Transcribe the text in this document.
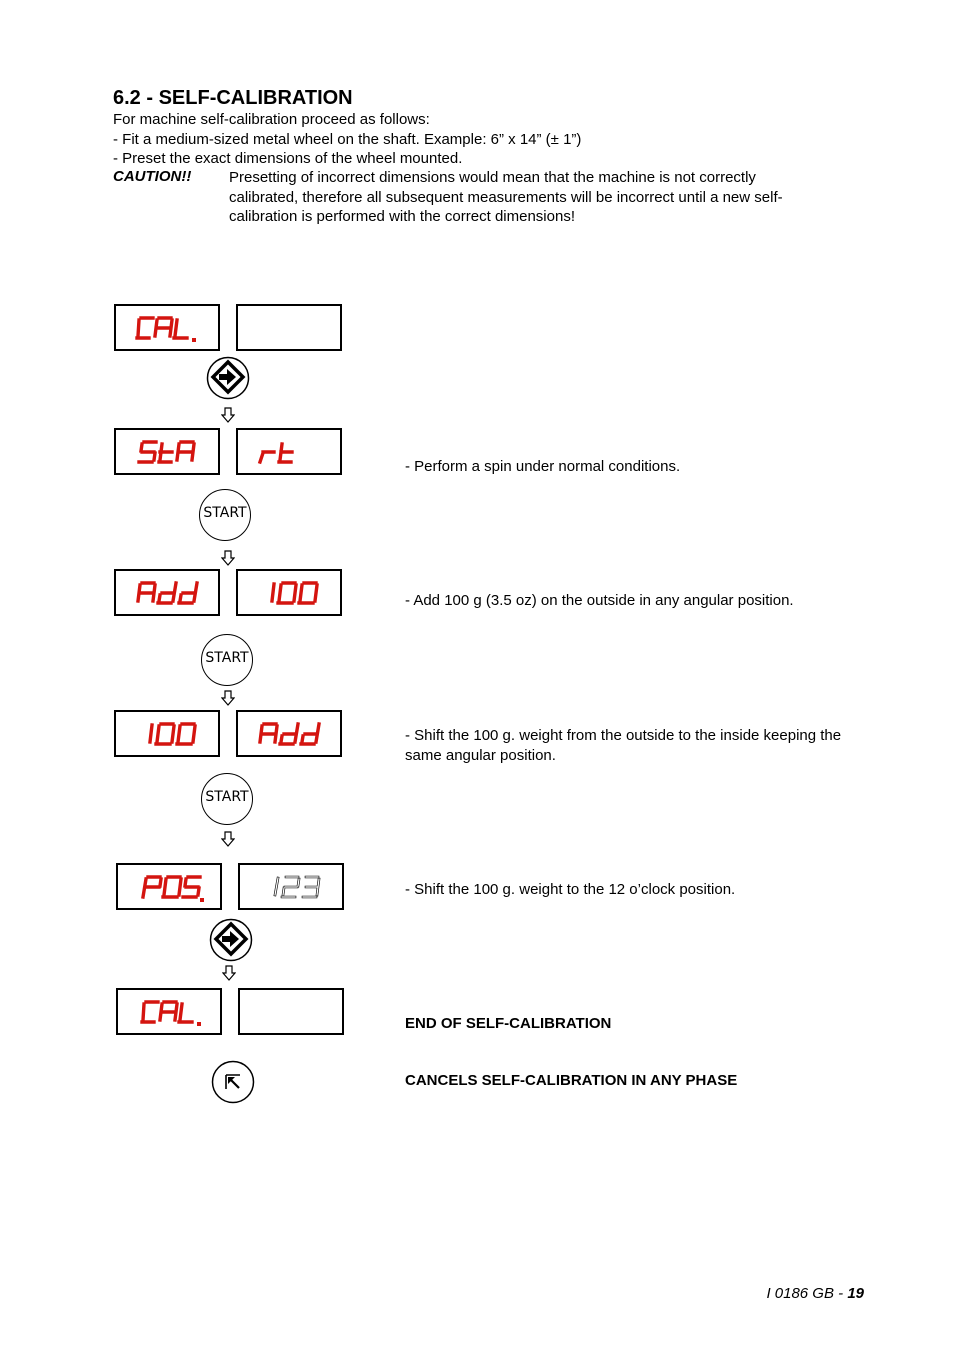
6.2 - SELF-CALIBRATION
For machine self-calibration proceed as follows:
- Fit a medium-sized metal wheel on the shaft. Example: 6” x 14” (± 1”)
- Preset the exact dimensions of the wheel mounted.
CAUTION!!	Presetting of incorrect dimensions would mean that the machine is not correctly calibrated, therefore all subsequent measurements will be incorrect until a new self-calibration is performed with the correct dimensions!
START
- Perform a spin under normal conditions.
START
- Add 100 g (3.5 oz) on the outside in any angular position.
START
- Shift the 100 g. weight from the outside to the inside keeping the same angular position.
- Shift the 100 g. weight to the 12 o’clock position.
END OF SELF-CALIBRATION
CANCELS SELF-CALIBRATION IN ANY PHASE
I 0186 GB - 19
